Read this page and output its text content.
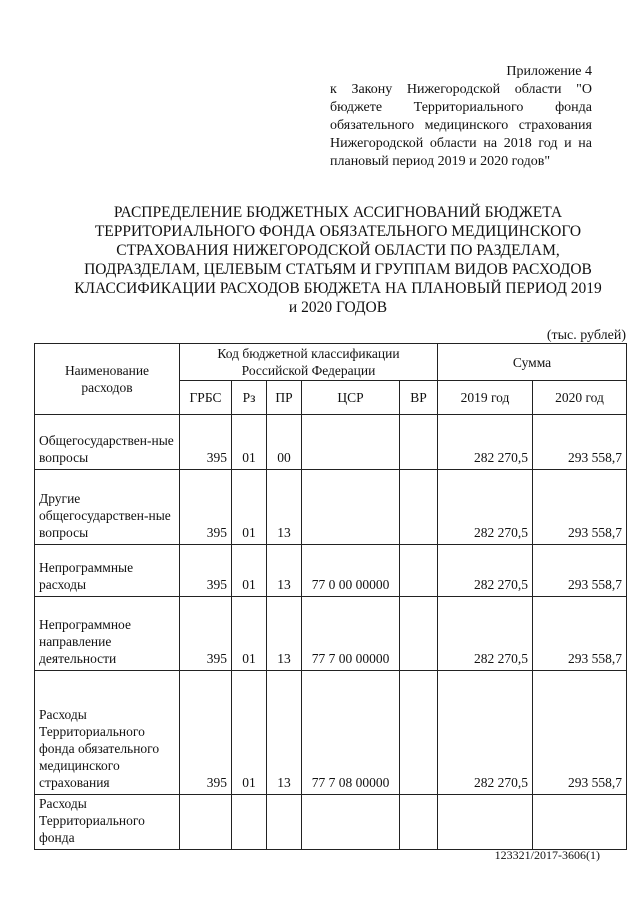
Приложение 4
к Закону Нижегородской области "О бюджете Территориального фонда обязательного медицинского страхования Нижегородской области на 2018 год и на плановый период 2019 и 2020 годов"
РАСПРЕДЕЛЕНИЕ БЮДЖЕТНЫХ АССИГНОВАНИЙ БЮДЖЕТА ТЕРРИТОРИАЛЬНОГО ФОНДА ОБЯЗАТЕЛЬНОГО МЕДИЦИНСКОГО СТРАХОВАНИЯ НИЖЕГОРОДСКОЙ ОБЛАСТИ ПО РАЗДЕЛАМ, ПОДРАЗДЕЛАМ, ЦЕЛЕВЫМ СТАТЬЯМ И ГРУППАМ ВИДОВ РАСХОДОВ КЛАССИФИКАЦИИ РАСХОДОВ БЮДЖЕТА НА ПЛАНОВЫЙ ПЕРИОД 2019 и 2020 ГОДОВ
(тыс. рублей)
Наименование расходов	Код бюджетной классификации Российской Федерации					Сумма	
	ГРБС	Рз	ПР	ЦСР	ВР	2019 год	2020 год
Общегосударствен-ные вопросы	395	01	00			282 270,5	293 558,7
Другие общегосударствен-ные вопросы	395	01	13			282 270,5	293 558,7
Непрограммные расходы	395	01	13	77 0 00 00000		282 270,5	293 558,7
Непрограммное направление деятельности	395	01	13	77 7 00 00000		282 270,5	293 558,7
Расходы Территориального фонда обязательного медицинского страхования	395	01	13	77 7 08 00000		282 270,5	293 558,7
Расходы Территориального фонда							
123321/2017-3606(1)
